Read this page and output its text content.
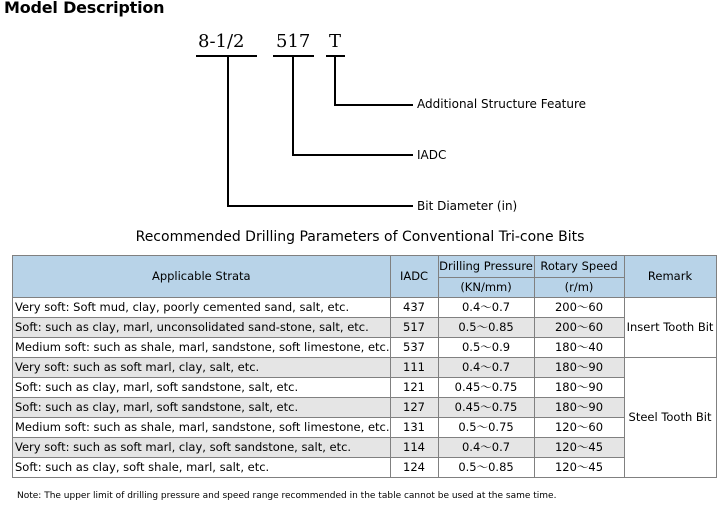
Model Description
8-1/2 517 T
Additional Structure Feature
IADC
Bit Diameter (in)
Recommended Drilling Parameters of Conventional Tri-cone Bits
Applicable Strata	IADC	Drilling Pressure	Rotary Speed	Remark
		(KN/mm)	(r/m)	
Very soft: Soft mud, clay, poorly cemented sand, salt, etc.	437	0.4～0.7	200～60	Insert Tooth Bit
Soft: such as clay, marl, unconsolidated sand-stone, salt, etc.	517	0.5～0.85	200～60	
Medium soft: such as shale, marl, sandstone, soft limestone, etc.	537	0.5～0.9	180～40	
Very soft: such as soft marl, clay, salt, etc.	111	0.4～0.7	180～90	Steel Tooth Bit
Soft: such as clay, marl, soft sandstone, salt, etc.	121	0.45～0.75	180～90	
Soft: such as clay, marl, soft sandstone, salt, etc.	127	0.45～0.75	180～90	
Medium soft: such as shale, marl, sandstone, soft limestone, etc.	131	0.5～0.75	120～60	
Very soft: such as soft marl, clay, soft sandstone, salt, etc.	114	0.4～0.7	120～45	
Soft: such as clay, soft shale, marl, salt, etc.	124	0.5～0.85	120～45	
Note: The upper limit of drilling pressure and speed range recommended in the table cannot be used at the same time.
